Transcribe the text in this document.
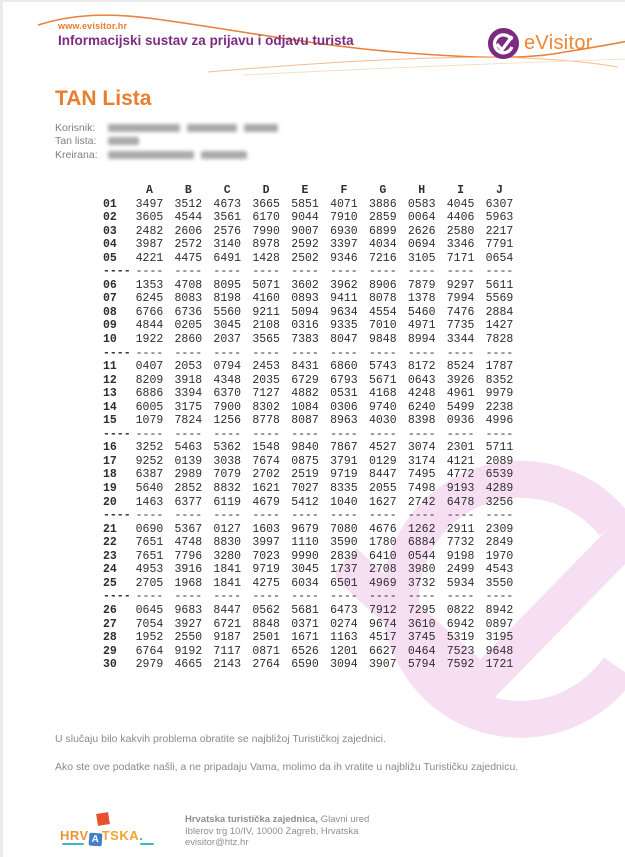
www.evisitor.hr
Informacijski sustav za prijavu i odjavu turista	eVisitor
TAN Lista
Korisnik:
Tan lista:
Kreirana:
A	B	C	D	E	F	G	H	I	J
01	3497 3512 4673 3665 5851 4071 3886 0583 4045 6307
02	3605 4544 3561 6170 9044 7910 2859 0064 4406 5963
03	2482 2606 2576 7990 9007 6930 6899 2626 2580 2217
04	3987 2572 3140 8978 2592 3397 4034 0694 3346 7791
05	4221 4475 6491 1428 2502 9346 7216 3105 7171 0654
---- ---- ---- ---- ---- ---- ---- ---- ---- ---- ----
06	1353 4708 8095 5071 3602 3962 8906 7879 9297 5611
07	6245 8083 8198 4160 0893 9411 8078 1378 7994 5569
08	6766 6736 5560 9211 5094 9634 4554 5460 7476 2884
09	4844 0205 3045 2108 0316 9335 7010 4971 7735 1427
10	1922 2860 2037 3565 7383 8047 9848 8994 3344 7828
---- ---- ---- ---- ---- ---- ---- ---- ---- ---- ----
11	0407 2053 0794 2453 8431 6860 5743 8172 8524 1787
12	8209 3918 4348 2035 6729 6793 5671 0643 3926 8352
13	6886 3394 6370 7127 4882 0531 4168 4248 4961 9979
14	6005 3175 7900 8302 1084 0306 9740 6240 5499 2238
15	1079 7824 1256 8778 8087 8963 4030 8398 0936 4996
---- ---- ---- ---- ---- ---- ---- ---- ---- ---- ----
16	3252 5463 5362 1548 9840 7867 4527 3074 2301 5711
17	9252 0139 3038 7674 0875 3791 0129 3174 4121 2089
18	6387 2989 7079 2702 2519 9719 8447 7495 4772 6539
19	5640 2852 8832 1621 7027 8335 2055 7498 9193 4289
20	1463 6377 6119 4679 5412 1040 1627 2742 6478 3256
---- ---- ---- ---- ---- ---- ---- ---- ---- ---- ----
21	0690 5367 0127 1603 9679 7080 4676 1262 2911 2309
22	7651 4748 8830 3997 1110 3590 1780 6884 7732 2849
23	7651 7796 3280 7023 9990 2839 6410 0544 9198 1970
24	4953 3916 1841 9719 3045 1737 2708 3980 2499 4543
25	2705 1968 1841 4275 6034 6501 4969 3732 5934 3550
---- ---- ---- ---- ---- ---- ---- ---- ---- ---- ----
26	0645 9683 8447 0562 5681 6473 7912 7295 0822 8942
27	7054 3927 6721 8848 0371 0274 9674 3610 6942 0897
28	1952 2550 9187 2501 1671 1163 4517 3745 5319 3195
29	6764 9192 7117 0871 6526 1201 6627 0464 7523 9648
30	2979 4665 2143 2764 6590 3094 3907 5794 7592 1721
U slučaju bilo kakvih problema obratite se najbližoj Turističkoj zajednici.
Ako ste ove podatke našli, a ne pripadaju Vama, molimo da ih vratite u najbližu Turističku zajednicu.
HRV A TSKA.
Hrvatska turistička zajednica, Glavni ured
Iblerov trg 10/IV, 10000 Zagreb, Hrvatska
evisitor@htz.hr
